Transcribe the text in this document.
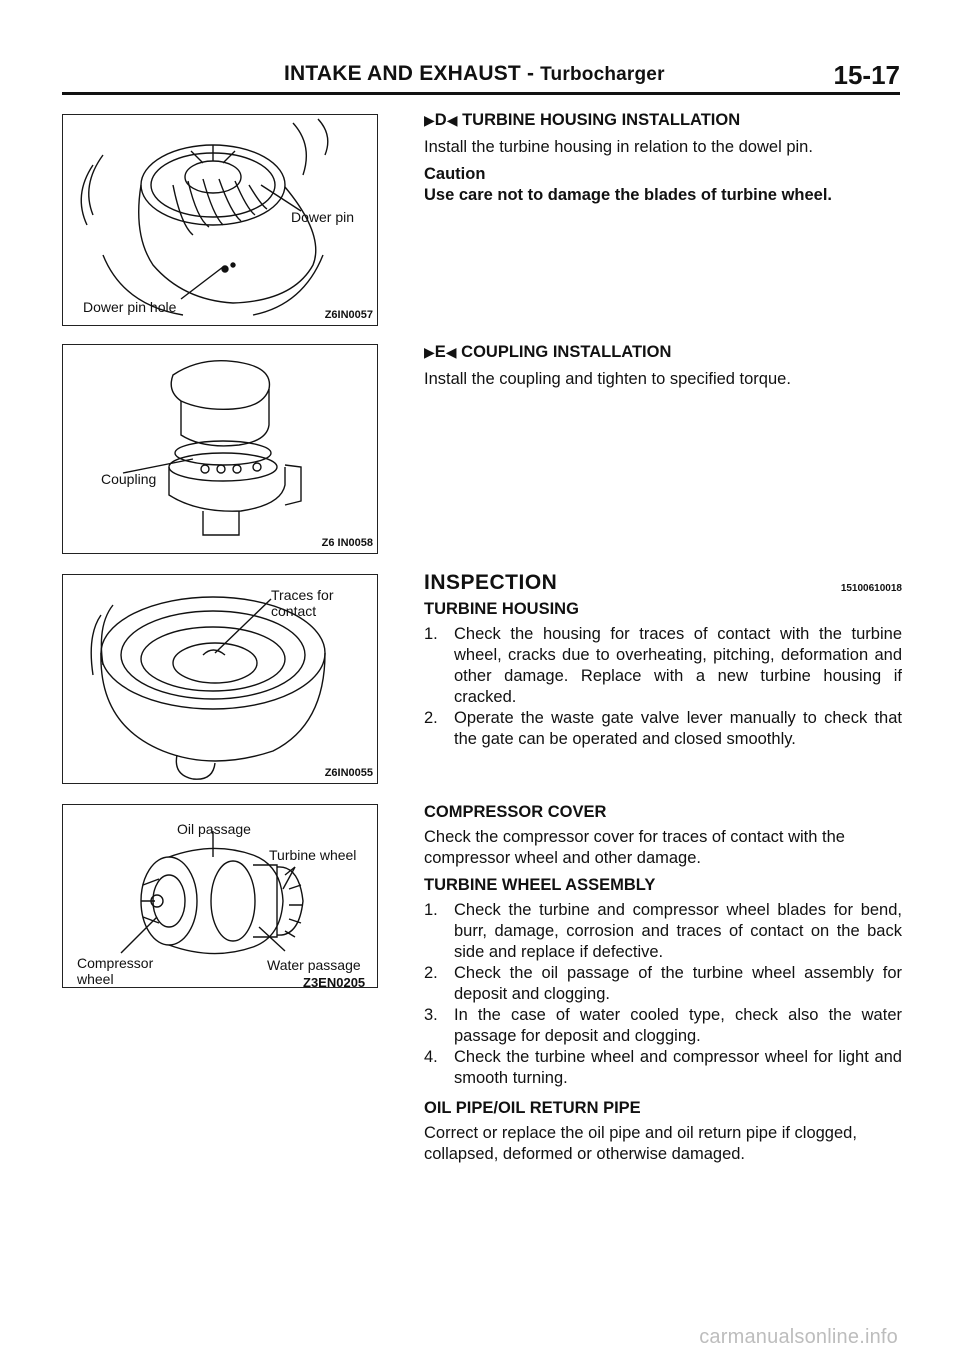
INTAKE AND EXHAUST - Turbocharger	15-17
Dower pin
Dower pin hole	Z6IN0057
Coupling
Z6 IN0058
Traces for
contact
Z6IN0055
Oil passage
Turbine wheel
Compressor
wheel
Water passage
Z3EN0205
▶D◀ TURBINE HOUSING INSTALLATION

Install the turbine housing in relation to the dowel pin.

Caution

Use care not to damage the blades of turbine wheel.

▶E◀ COUPLING INSTALLATION

Install the coupling and tighten to specified torque.

INSPECTION	15100610018
TURBINE HOUSING
1. Check the housing for traces of contact with the turbine wheel, cracks due to overheating, pitching, deformation and other damage. Replace with a new turbine housing if cracked.
2. Operate the waste gate valve lever manually to check that the gate can be operated and closed smoothly.
COMPRESSOR COVER

Check the compressor cover for traces of contact with the compressor wheel and other damage.

TURBINE WHEEL ASSEMBLY
1. Check the turbine and compressor wheel blades for bend, burr, damage, corrosion and traces of contact on the back side and replace if defective.
2. Check the oil passage of the turbine wheel assembly for deposit and clogging.
3. In the case of water cooled type, check also the water passage for deposit and clogging.
4. Check the turbine wheel and compressor wheel for light and smooth turning.
OIL PIPE/OIL RETURN PIPE

Correct or replace the oil pipe and oil return pipe if clogged, collapsed, deformed or otherwise damaged.

carmanualsonline.info
